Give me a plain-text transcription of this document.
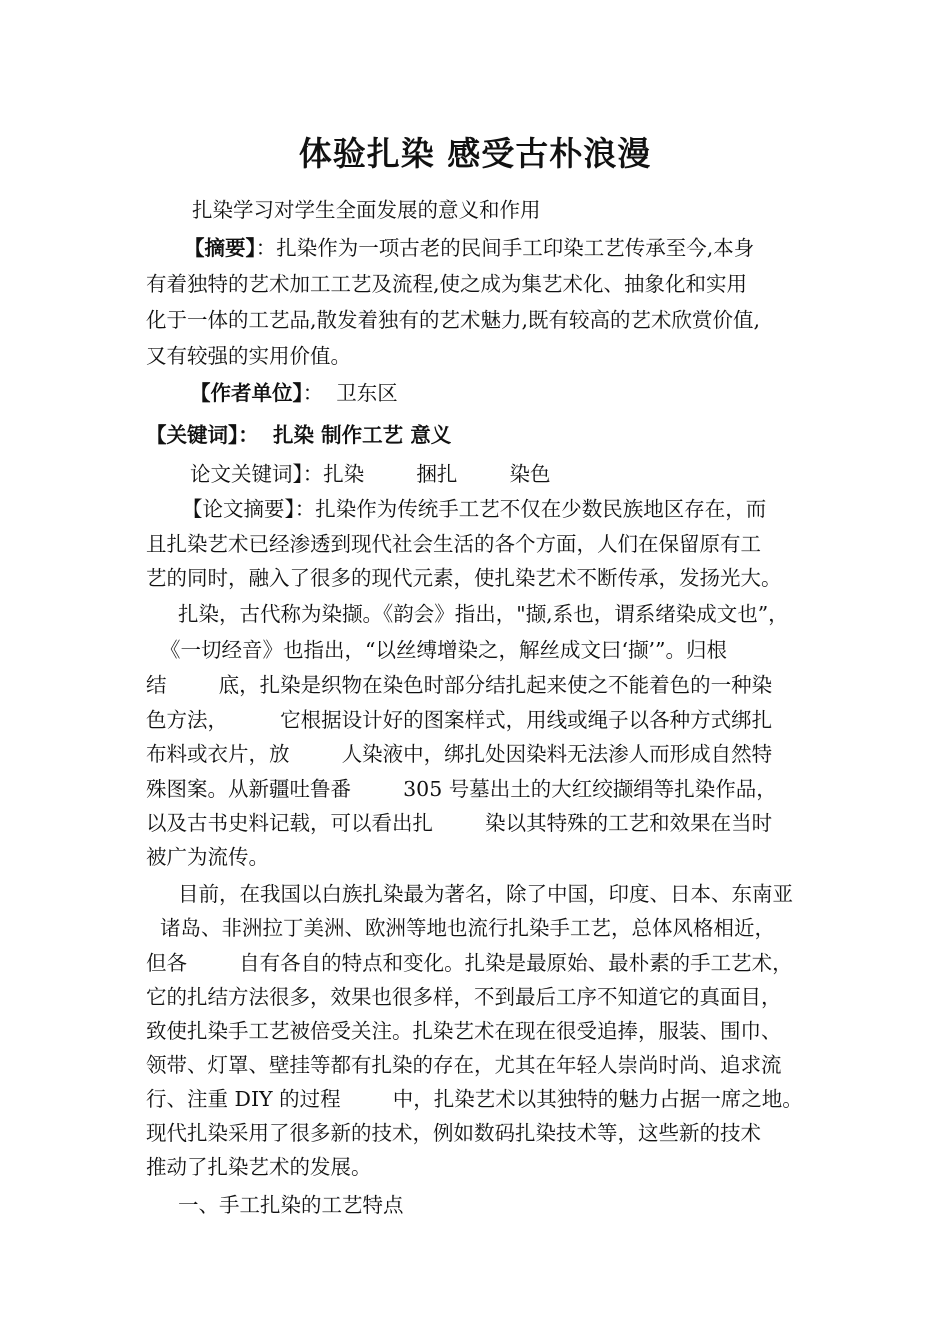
体验扎染 感受古朴浪漫
扎染学习对学生全面发展的意义和作用
【摘要】：扎染作为一项古老的民间手工印染工艺传承至今,本身
有着独特的艺术加工工艺及流程,使之成为集艺术化、抽象化和实用
化于一体的工艺品,散发着独有的艺术魅力,既有较高的艺术欣赏价值,
又有较强的实用价值。
【作者单位】：  卫东区
【关键词】： 扎染 制作工艺 意义
论文关键词】：扎染        捆扎        染色
【论文摘要】：扎染作为传统手工艺不仅在少数民族地区存在，而
且扎染艺术已经渗透到现代社会生活的各个方面，人们在保留原有工
艺的同时，融入了很多的现代元素，使扎染艺术不断传承，发扬光大。
扎染，古代称为染撷。《韵会》指出，"撷,系也，谓系绪染成文也”，
《一切经音》也指出，“以丝缚增染之，解丝成文曰‘撷’”。归根
结        底，扎染是织物在染色时部分结扎起来使之不能着色的一种染
色方法，        它根据设计好的图案样式，用线或绳子以各种方式绑扎
布料或衣片，放        人染液中，绑扎处因染料无法渗人而形成自然特
殊图案。从新疆吐鲁番        305 号墓出土的大红绞撷绢等扎染作品，
以及古书史料记载，可以看出扎        染以其特殊的工艺和效果在当时
被广为流传。
目前，在我国以白族扎染最为著名，除了中国，印度、日本、东南亚
诸岛、非洲拉丁美洲、欧洲等地也流行扎染手工艺，总体风格相近，
但各        自有各自的特点和变化。扎染是最原始、最朴素的手工艺术，
它的扎结方法很多，效果也很多样，不到最后工序不知道它的真面目，
致使扎染手工艺被倍受关注。扎染艺术在现在很受追捧，服装、围巾、
领带、灯罩、壁挂等都有扎染的存在，尤其在年轻人崇尚时尚、追求流
行、注重 DIY 的过程        中，扎染艺术以其独特的魅力占据一席之地。
现代扎染采用了很多新的技术，例如数码扎染技术等，这些新的技术
推动了扎染艺术的发展。
一、手工扎染的工艺特点
